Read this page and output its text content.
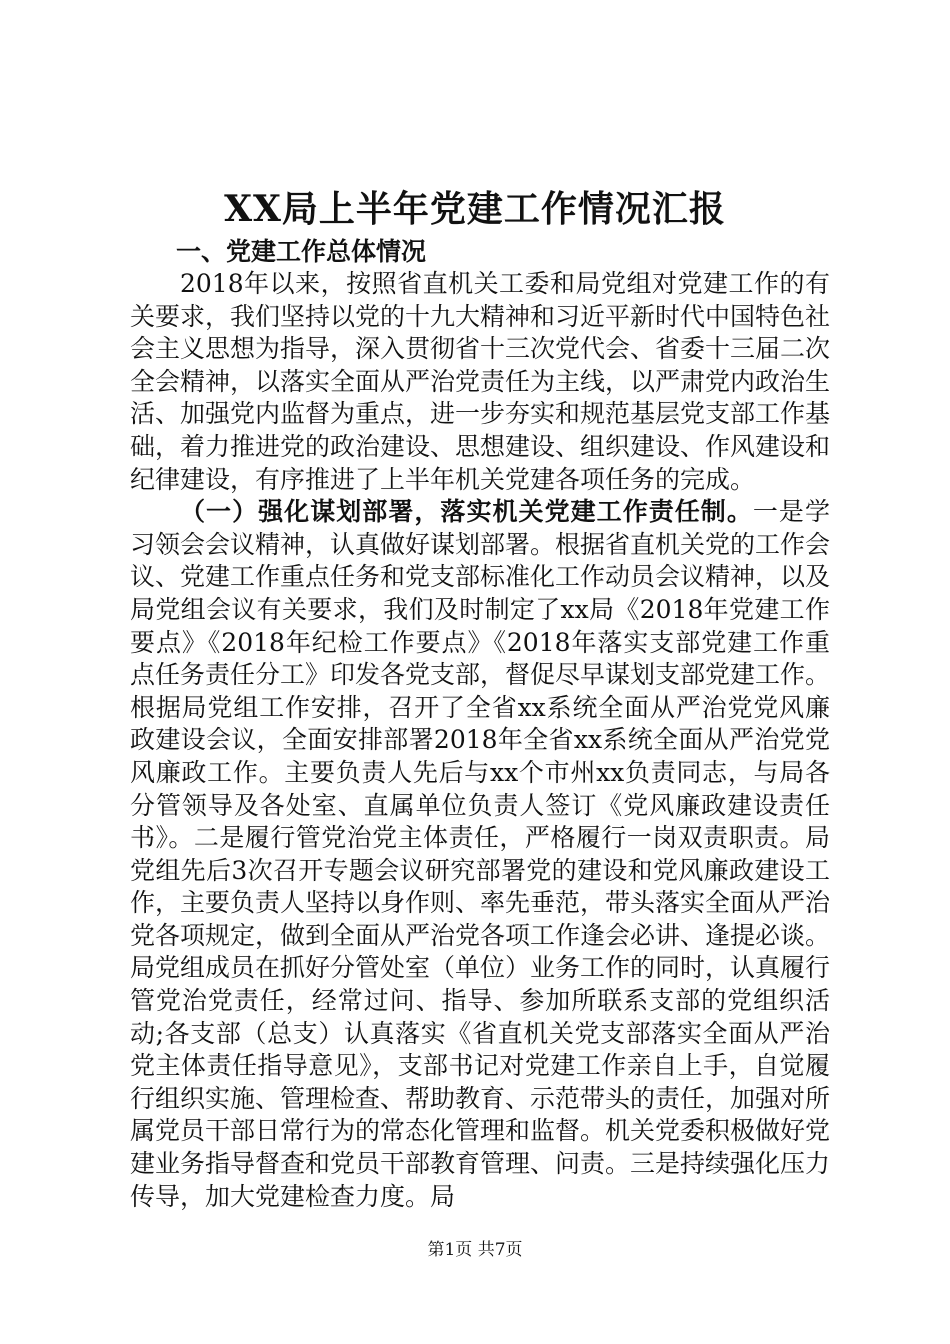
XX局上半年党建工作情况汇报
一、党建工作总体情况

2018年以来，按照省直机关工委和局党组对党建工作的有关要求，我们坚持以党的十九大精神和习近平新时代中国特色社会主义思想为指导，深入贯彻省十三次党代会、省委十三届二次全会精神，以落实全面从严治党责任为主线，以严肃党内政治生活、加强党内监督为重点，进一步夯实和规范基层党支部工作基础，着力推进党的政治建设、思想建设、组织建设、作风建设和纪律建设，有序推进了上半年机关党建各项任务的完成。

（一）强化谋划部署，落实机关党建工作责任制。一是学习领会会议精神，认真做好谋划部署。根据省直机关党的工作会议、党建工作重点任务和党支部标准化工作动员会议精神，以及局党组会议有关要求，我们及时制定了xx局《2018年党建工作要点》《2018年纪检工作要点》《2018年落实支部党建工作重点任务责任分工》印发各党支部，督促尽早谋划支部党建工作。根据局党组工作安排，召开了全省xx系统全面从严治党党风廉政建设会议，全面安排部署2018年全省xx系统全面从严治党党风廉政工作。主要负责人先后与xx个市州xx负责同志，与局各分管领导及各处室、直属单位负责人签订《党风廉政建设责任书》。二是履行管党治党主体责任，严格履行一岗双责职责。局党组先后3次召开专题会议研究部署党的建设和党风廉政建设工作，主要负责人坚持以身作则、率先垂范，带头落实全面从严治党各项规定，做到全面从严治党各项工作逢会必讲、逢提必谈。局党组成员在抓好分管处室（单位）业务工作的同时，认真履行管党治党责任，经常过问、指导、参加所联系支部的党组织活动;各支部（总支）认真落实《省直机关党支部落实全面从严治党主体责任指导意见》，支部书记对党建工作亲自上手，自觉履行组织实施、管理检查、帮助教育、示范带头的责任，加强对所属党员干部日常行为的常态化管理和监督。机关党委积极做好党建业务指导督查和党员干部教育管理、问责。三是持续强化压力传导，加大党建检查力度。局

第1页 共7页
